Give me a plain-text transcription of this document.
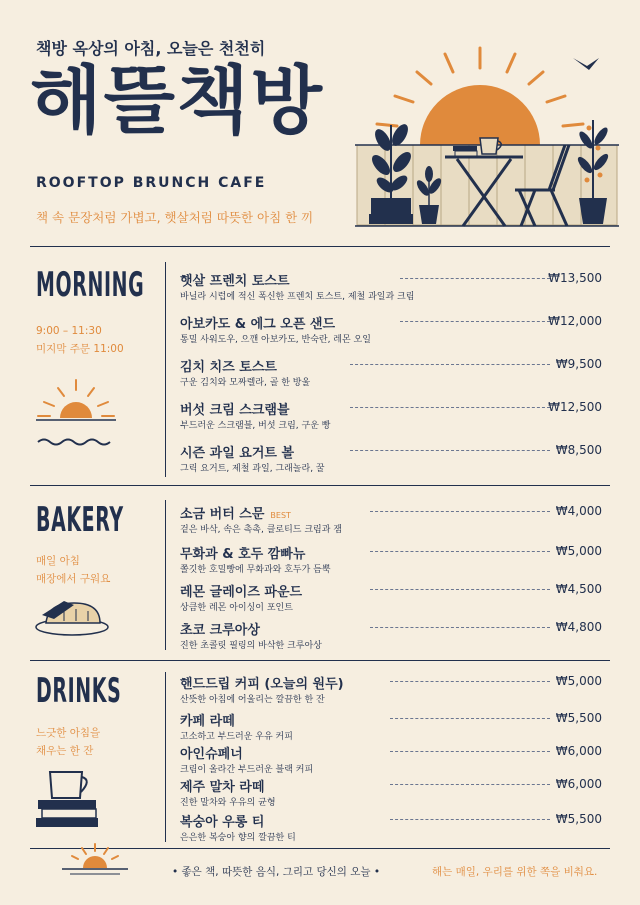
책방 옥상의 아침, 오늘은 천천히
해뜰책방
ROOFTOP BRUNCH CAFE
책 속 문장처럼 가볍고, 햇살처럼 따뜻한 아침 한 끼
MORNING
9:00 – 11:30
미지막 주문 11:00
햇살 프렌치 토스트
바닐라 시럽에 적신 폭신한 프렌치 토스트, 제철 과일과 크림
₩13,500
아보카도 & 에그 오픈 샌드
통밀 사워도우, 으깬 아보카도, 반숙란, 레몬 오일
₩12,000
김치 치즈 토스트
구운 김치와 모짜렐라, 골 한 방울
₩9,500
버섯 크림 스크램블
부드러운 스크램블, 버섯 크림, 구운 빵
₩12,500
시즌 과일 요거트 볼
그릭 요거트, 제철 과일, 그래놀라, 꿀
₩8,500
BAKERY
매일 아침
매장에서 구워요
소금 버터 스문 BEST
겉은 바삭, 속은 촉촉, 클로티드 크림과 잼
₩4,000
무화과 & 호두 깜빠뉴
쫄깃한 호밀빵에 무화과와 호두가 듬뿍
₩5,000
레몬 글레이즈 파운드
상큼한 레몬 아이싱이 포인트
₩4,500
초코 크루아상
진한 초콜릿 필링의 바삭한 크루아상
₩4,800
DRINKS
느긋한 아침을
채우는 한 잔
핸드드립 커피 (오늘의 원두)
산뜻한 아침에 어울리는 깔끔한 한 잔
₩5,000
카페 라떼
고소하고 부드러운 우유 커피
₩5,500
아인슈페너
크림이 올라간 부드러운 블랙 커피
₩6,000
제주 말차 라떼
진한 말차와 우유의 균형
₩6,000
복숭아 우롱 티
은은한 복숭아 향의 깔끔한 티
₩5,500
• 좋은 책, 따뜻한 음식, 그리고 당신의 오늘 •	해는 매일, 우리를 위한 쪽을 비춰요.
